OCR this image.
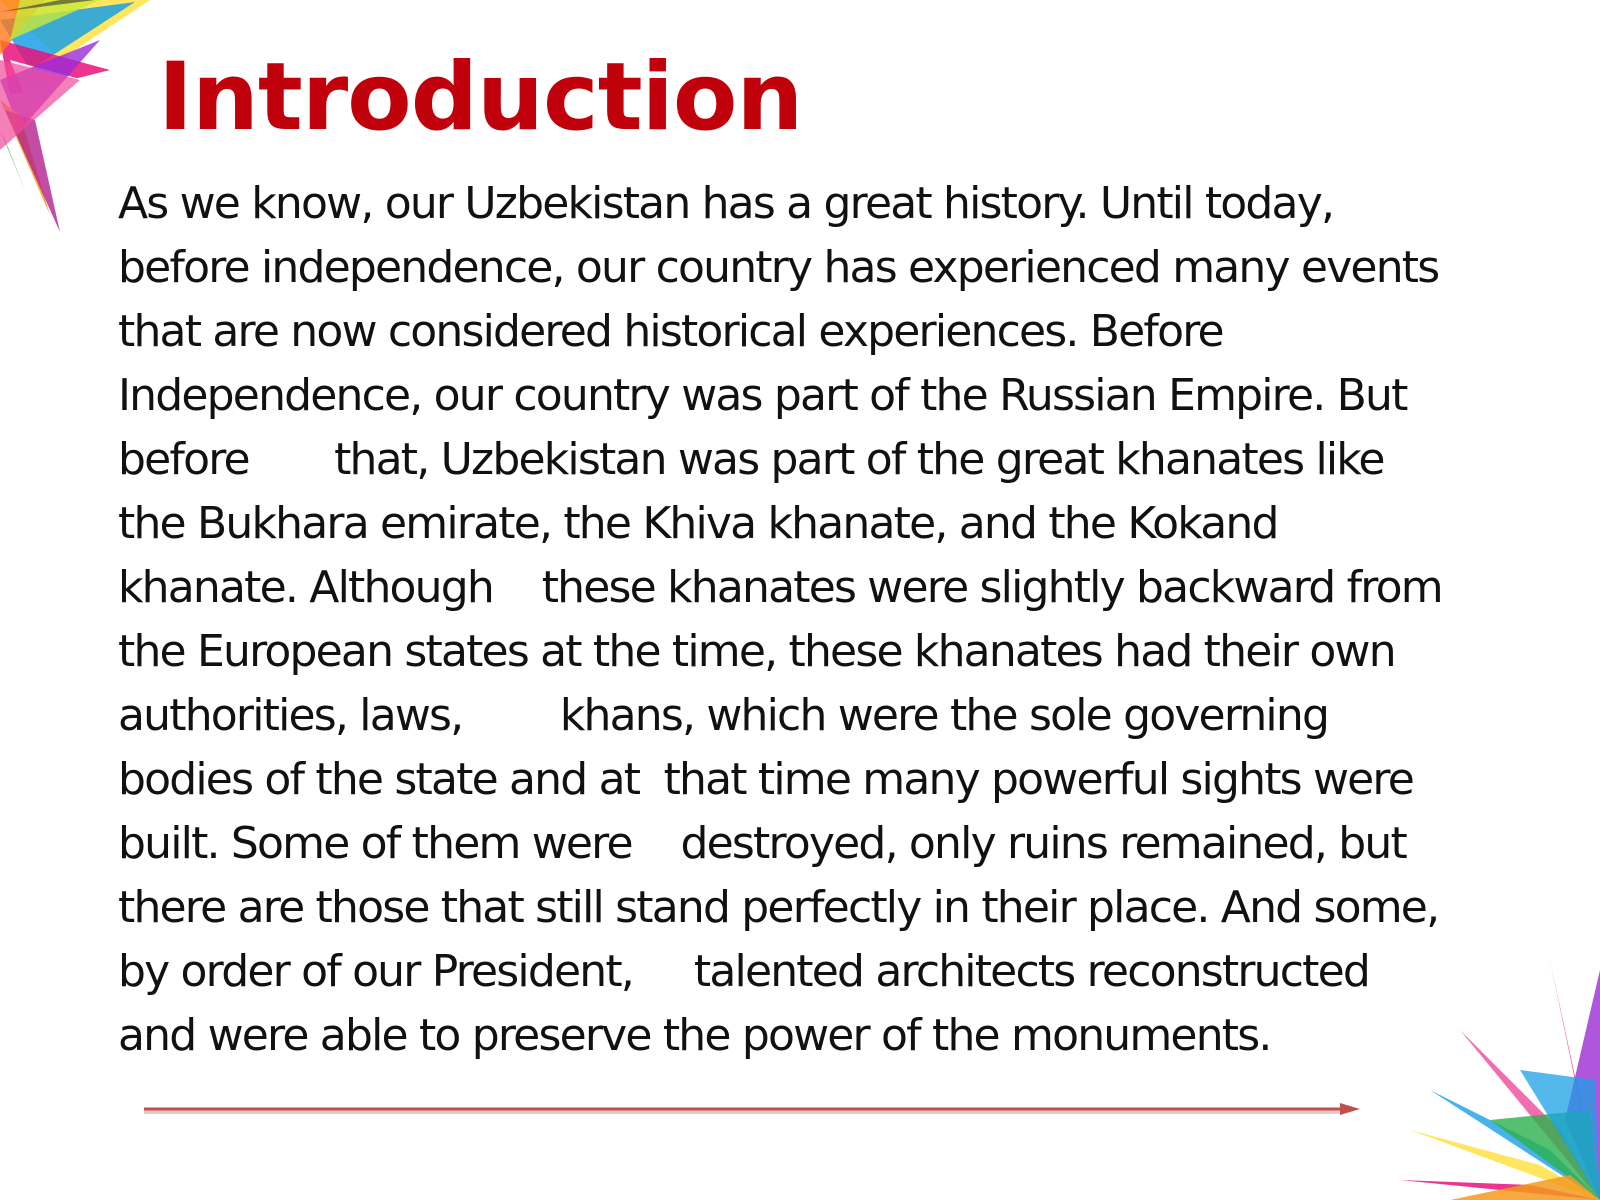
Introduction
As we know, our Uzbekistan has a great history. Until today,
before independence, our country has experienced many events
that are now considered historical experiences. Before
Independence, our country was part of the Russian Empire. But
before       that, Uzbekistan was part of the great khanates like
the Bukhara emirate, the Khiva khanate, and the Kokand
khanate. Although    these khanates were slightly backward from
the European states at the time, these khanates had their own
authorities, laws,        khans, which were the sole governing
bodies of the state and at  that time many powerful sights were
built. Some of them were    destroyed, only ruins remained, but
there are those that still stand perfectly in their place. And some,
by order of our President,     talented architects reconstructed
and were able to preserve the power of the monuments.
